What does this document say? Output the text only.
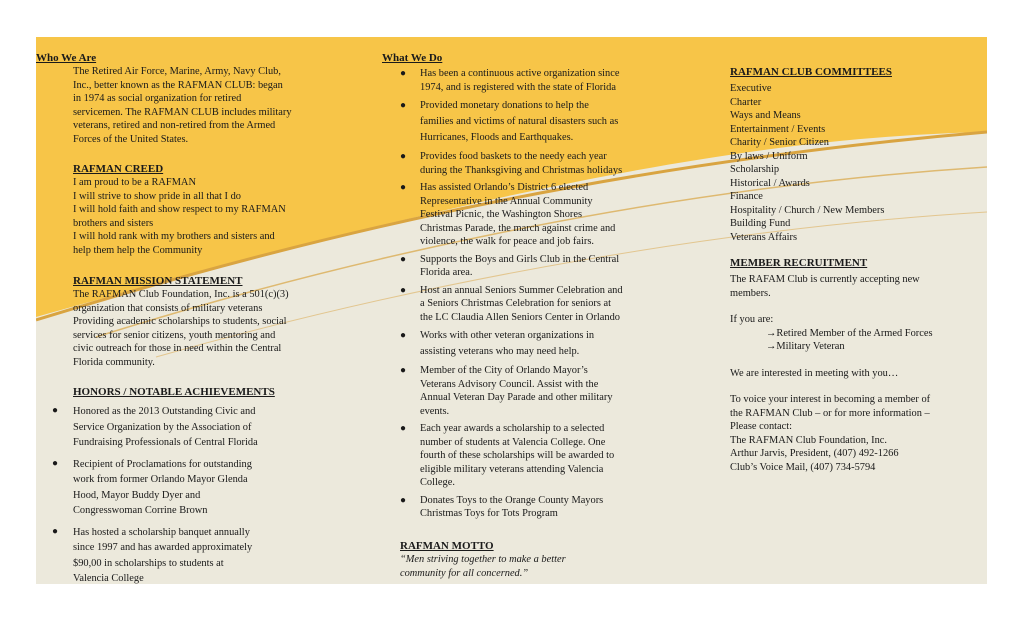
Who We Are

The Retired Air Force, Marine, Army, Navy Club,

Inc., better known as the RAFMAN CLUB: began

in 1974 as social organization for retired

servicemen. The RAFMAN CLUB includes military

veterans, retired and non-retired from the Armed

Forces of the United States.

RAFMAN CREED

I am proud to be a RAFMAN

I will strive to show pride in all that I do

I will hold faith and show respect to my RAFMAN

brothers and sisters

I will hold rank with my brothers and sisters and

help them help the Community

RAFMAN MISSION STATEMENT

The RAFMAN Club Foundation, Inc. is a 501(c)(3)

organization that consists of military veterans

Providing academic scholarships to students, social

services for senior citizens, youth mentoring and

civic outreach for those in need within the Central

Florida community.

HONORS / NOTABLE ACHIEVEMENTS
● Honored as the 2013 Outstanding Civic and
Service Organization by the Association of
Fundraising Professionals of Central Florida
● Recipient of Proclamations for outstanding
work from former Orlando Mayor Glenda
Hood, Mayor Buddy Dyer and
Congresswoman Corrine Brown
● Has hosted a scholarship banquet annually
since 1997 and has awarded approximately
$90,00 in scholarships to students at
Valencia College
What We Do
● Has been a continuous active organization since
1974, and is registered with the state of Florida
● Provided monetary donations to help the
families and victims of natural disasters such as
Hurricanes, Floods and Earthquakes.
● Provides food baskets to the needy each year
during the Thanksgiving and Christmas holidays
● Has assisted Orlando’s District 6 elected
Representative in the Annual Community
Festival Picnic, the Washington Shores
Christmas Parade, the march against crime and
violence, the walk for peace and job fairs.
● Supports the Boys and Girls Club in the Central
Florida area.
● Host an annual Seniors Summer Celebration and
a Seniors Christmas Celebration for seniors at
the LC Claudia Allen Seniors Center in Orlando
● Works with other veteran organizations in
assisting veterans who may need help.
● Member of the City of Orlando Mayor’s
Veterans Advisory Council. Assist with the
Annual Veteran Day Parade and other military
events.
● Each year awards a scholarship to a selected
number of students at Valencia College. One
fourth of these scholarships will be awarded to
eligible military veterans attending Valencia
College.
● Donates Toys to the Orange County Mayors
Christmas Toys for Tots Program
RAFMAN MOTTO

“Men striving together to make a better

community for all concerned.”

RAFMAN CLUB COMMITTEES

Executive

Charter

Ways and Means

Entertainment / Events

Charity / Senior Citizen

By laws / Uniform

Scholarship

Historical / Awards

Finance

Hospitality / Church / New Members

Building Fund

Veterans Affairs

MEMBER RECRUITMENT

The RAFAM Club is currently accepting new

members.

If you are:

→Retired Member of the Armed Forces

→Military Veteran

We are interested in meeting with you…

To voice your interest in becoming a member of

the RAFMAN Club – or for more information –

Please contact:

The RAFMAN Club Foundation, Inc.

Arthur Jarvis, President, (407) 492-1266

Club’s Voice Mail, (407) 734-5794
